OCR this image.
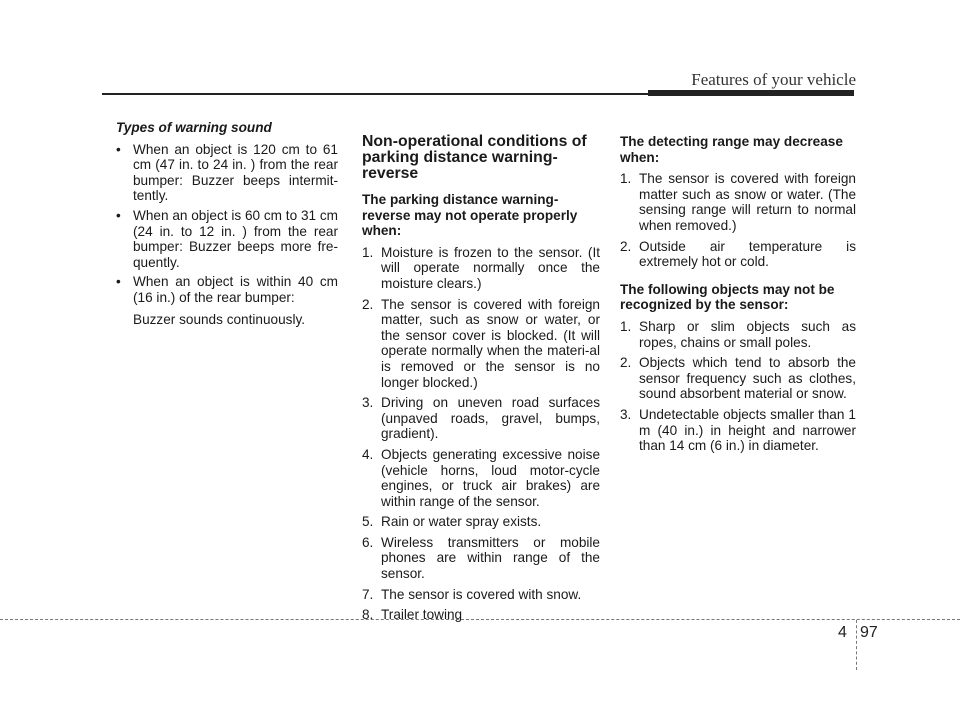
Features of your vehicle

Types of warning sound

• When an object is 120 cm to 61 cm (47 in. to 24 in. ) from the rear bumper: Buzzer beeps intermit-tently.
• When an object is 60 cm to 31 cm (24 in. to 12 in. ) from the rear bumper: Buzzer beeps more fre-quently.
• When an object is within 40 cm (16 in.) of the rear bumper:
Buzzer sounds continuously.
Non-operational conditions of parking distance warning-reverse

The parking distance warning-reverse may not operate properly when:

1. Moisture is frozen to the sensor. (It will operate normally once the moisture clears.)
2. The sensor is covered with foreign matter, such as snow or water, or the sensor cover is blocked. (It will operate normally when the materi-al is removed or the sensor is no longer blocked.)
3. Driving on uneven road surfaces (unpaved roads, gravel, bumps, gradient).
4. Objects generating excessive noise (vehicle horns, loud motor-cycle engines, or truck air brakes) are within range of the sensor.
5. Rain or water spray exists.
6. Wireless transmitters or mobile phones are within range of the sensor.
7. The sensor is covered with snow.
8. Trailer towing

The detecting range may decrease when:

1. The sensor is covered with foreign matter such as snow or water. (The sensing range will return to normal when removed.)
2. Outside air temperature is extremely hot or cold.

The following objects may not be recognized by the sensor:

1. Sharp or slim objects such as ropes, chains or small poles.
2. Objects which tend to absorb the sensor frequency such as clothes, sound absorbent material or snow.
3. Undetectable objects smaller than 1 m (40 in.) in height and narrower than 14 cm (6 in.) in diameter.
4 97
